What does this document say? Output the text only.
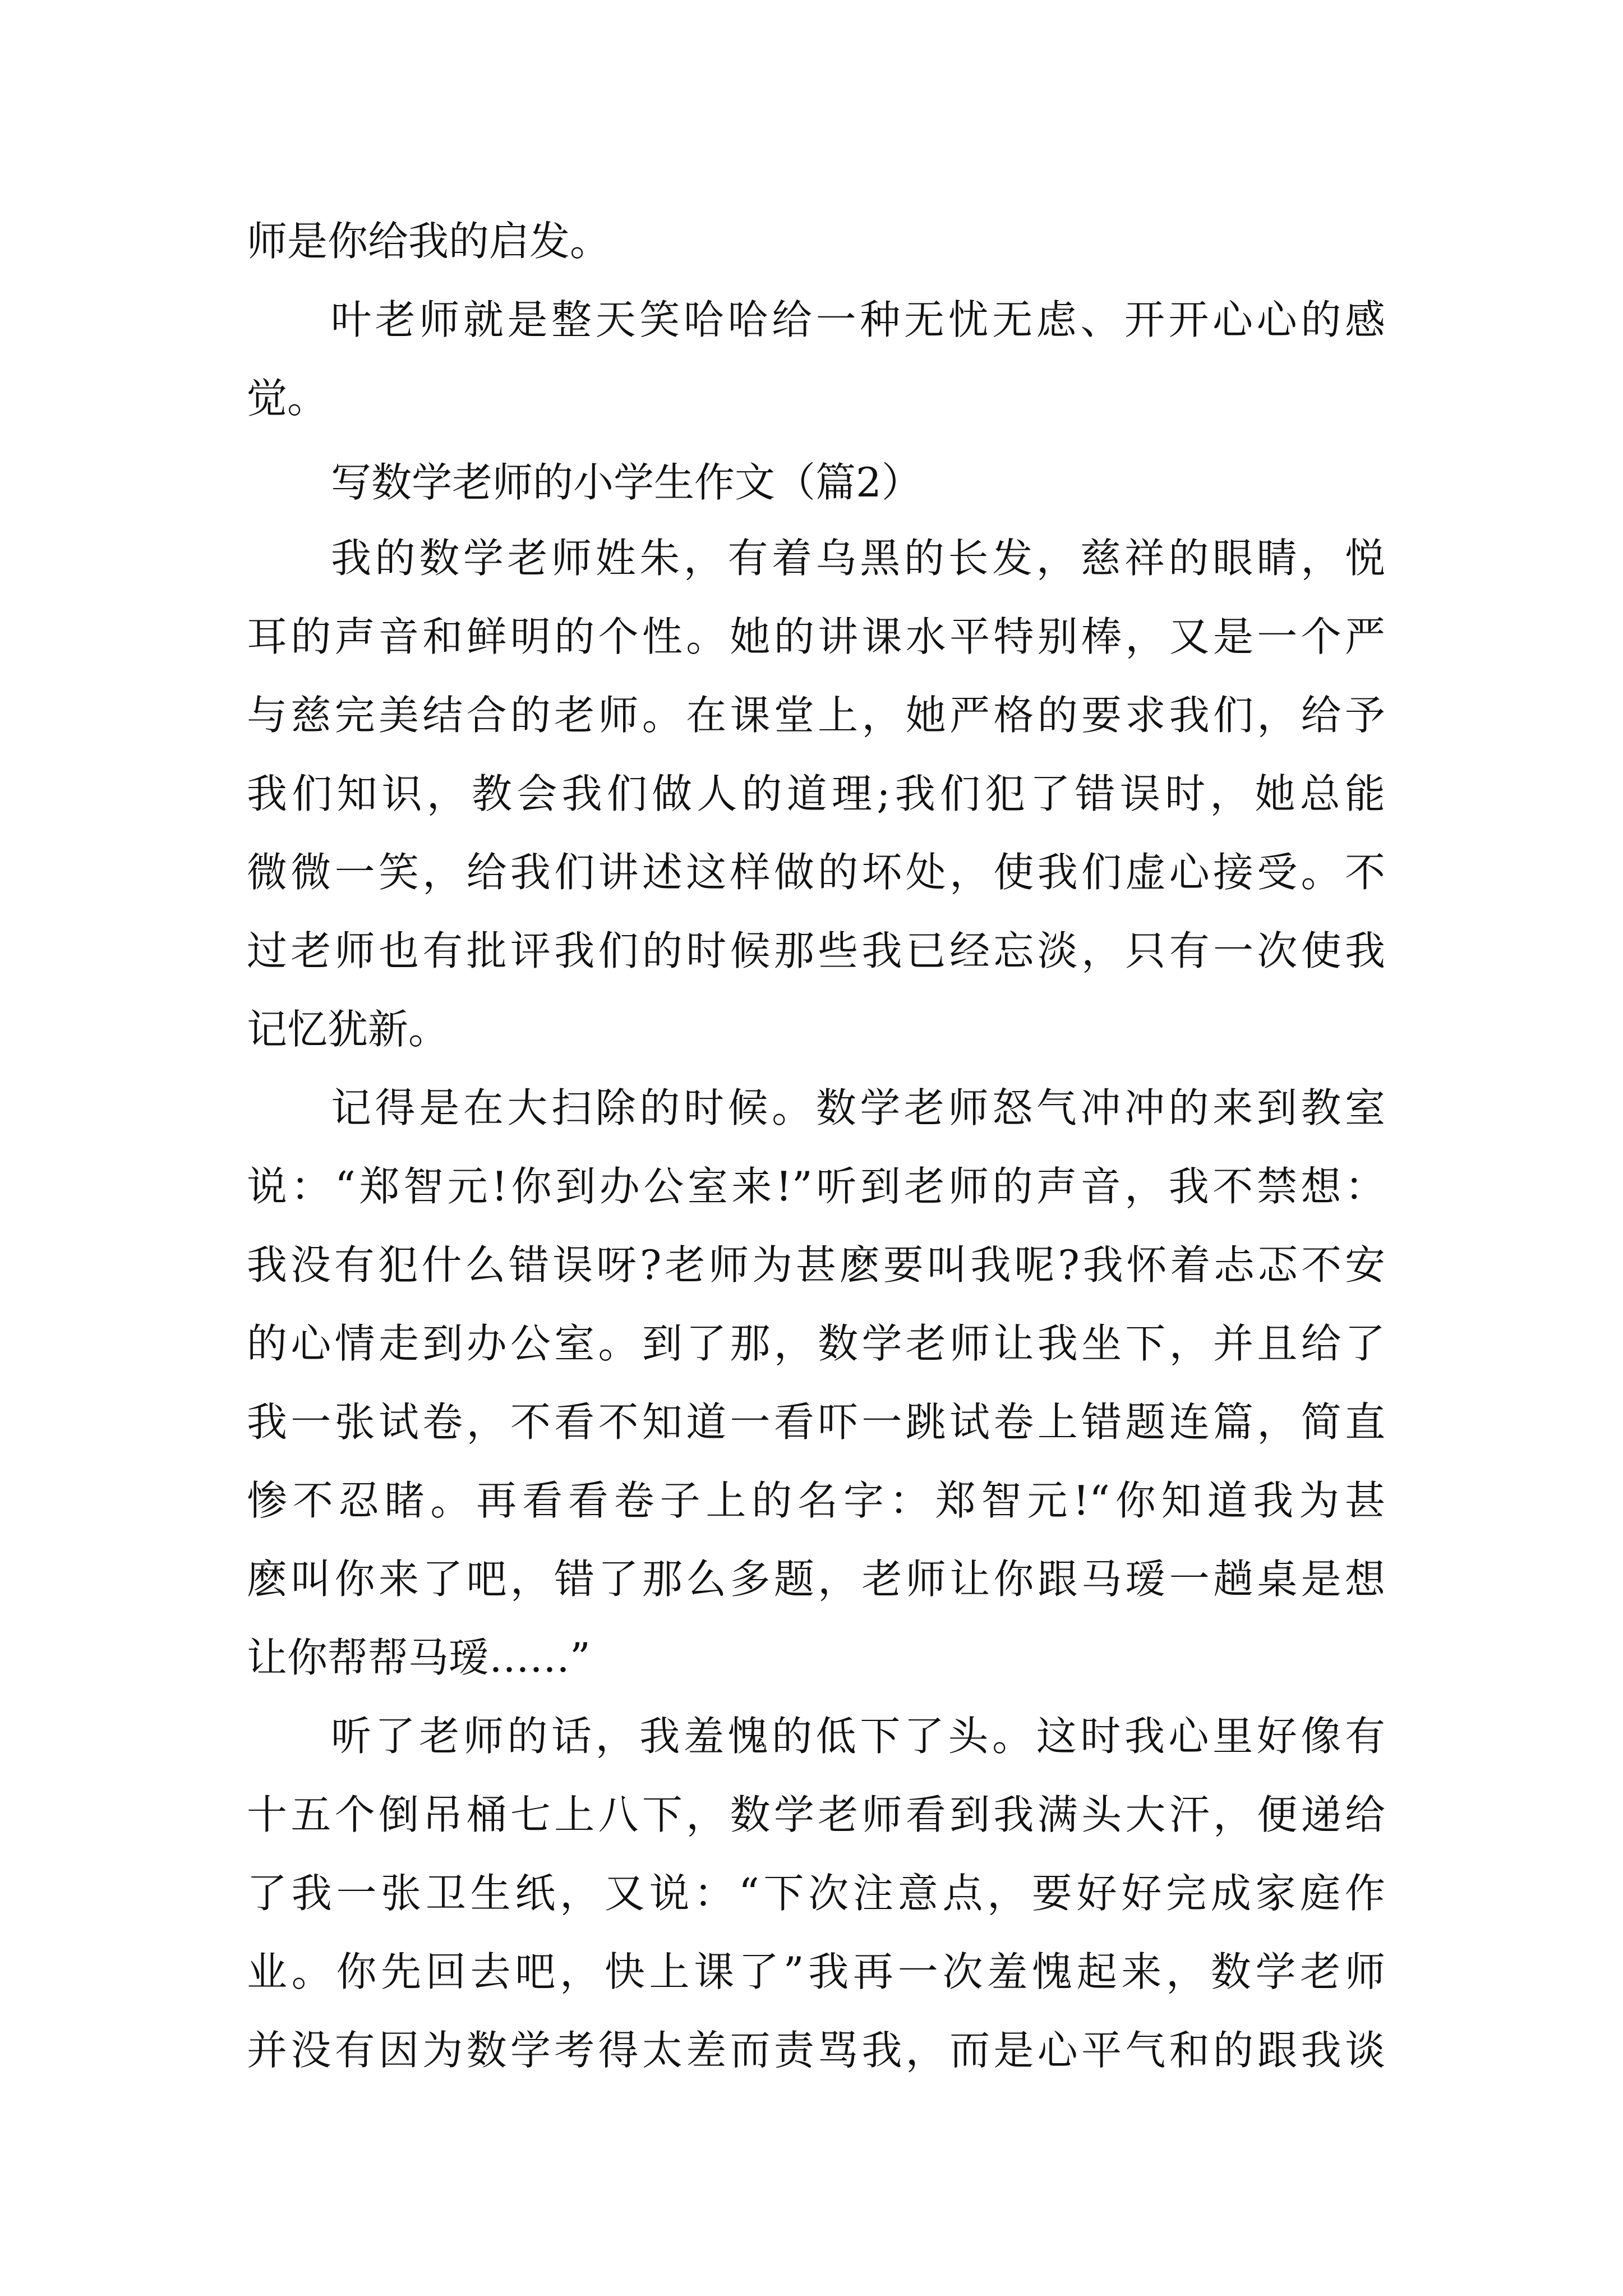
师是你给我的启发。
叶老师就是整天笑哈哈给一种无忧无虑、开开心心的感
觉。
写数学老师的小学生作文（篇2）
我的数学老师姓朱，有着乌黑的长发，慈祥的眼睛，悦
耳的声音和鲜明的个性。她的讲课水平特别棒，又是一个严
与慈完美结合的老师。在课堂上，她严格的要求我们，给予
我们知识，教会我们做人的道理;我们犯了错误时，她总能
微微一笑，给我们讲述这样做的坏处，使我们虚心接受。不
过老师也有批评我们的时候那些我已经忘淡，只有一次使我
记忆犹新。
记得是在大扫除的时候。数学老师怒气冲冲的来到教室
说：“郑智元!你到办公室来!”听到老师的声音，我不禁想：
我没有犯什么错误呀?老师为甚麽要叫我呢?我怀着忐忑不安
的心情走到办公室。到了那，数学老师让我坐下，并且给了
我一张试卷，不看不知道一看吓一跳试卷上错题连篇，简直
惨不忍睹。再看看卷子上的名字：郑智元!“你知道我为甚
麽叫你来了吧，错了那么多题，老师让你跟马瑷一趟桌是想
让你帮帮马瑷……”
听了老师的话，我羞愧的低下了头。这时我心里好像有
十五个倒吊桶七上八下，数学老师看到我满头大汗，便递给
了我一张卫生纸，又说：“下次注意点，要好好完成家庭作
业。你先回去吧，快上课了”我再一次羞愧起来，数学老师
并没有因为数学考得太差而责骂我，而是心平气和的跟我谈
